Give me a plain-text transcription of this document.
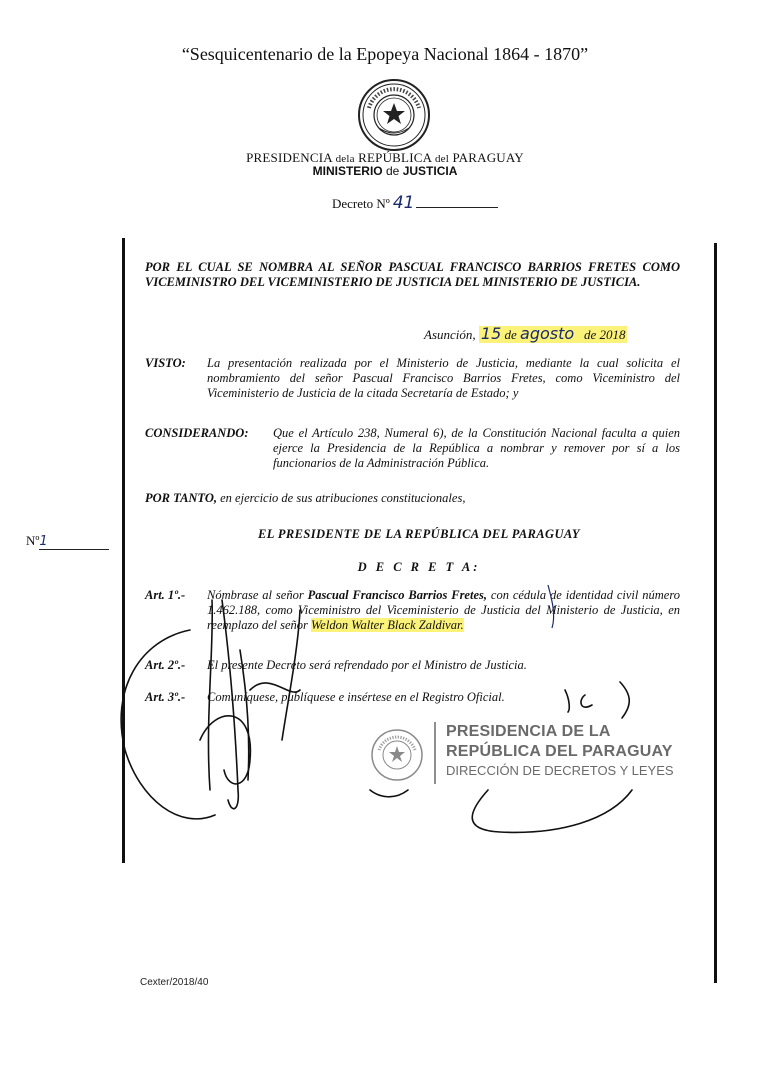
“Sesquicentenario de la Epopeya Nacional 1864 - 1870”
PRESIDENCIA dela REPÚBLICA del PARAGUAY
MINISTERIO de JUSTICIA
Decreto Nº 41
POR EL CUAL SE NOMBRA AL SEÑOR PASCUAL FRANCISCO BARRIOS FRETES COMO VICEMINISTRO DEL VICEMINISTERIO DE JUSTICIA DEL MINISTERIO DE JUSTICIA.
Asunción, 15 de agosto de 2018
VISTO: La presentación realizada por el Ministerio de Justicia, mediante la cual solicita el nombramiento del señor Pascual Francisco Barrios Fretes, como Viceministro del Viceministerio de Justicia de la citada Secretaría de Estado; y
CONSIDERANDO: Que el Artículo 238, Numeral 6), de la Constitución Nacional faculta a quien ejerce la Presidencia de la República a nombrar y remover por sí a los funcionarios de la Administración Pública.
POR TANTO, en ejercicio de sus atribuciones constitucionales,
Nº1	EL PRESIDENTE DE LA REPÚBLICA DEL PARAGUAY
D E C R E T A:
Art. 1º.- Nómbrase al señor Pascual Francisco Barrios Fretes, con cédula de identidad civil número 1.462.188, como Viceministro del Viceministerio de Justicia del Ministerio de Justicia, en reemplazo del señor Weldon Walter Black Zaldivar.
Art. 2º.- El presente Decreto será refrendado por el Ministro de Justicia.
Art. 3º.- Comuníquese, publíquese e insértese en el Registro Oficial.
PRESIDENCIA DE LA
REPÚBLICA DEL PARAGUAY
DIRECCIÓN DE DECRETOS Y LEYES
Cexter/2018/40
